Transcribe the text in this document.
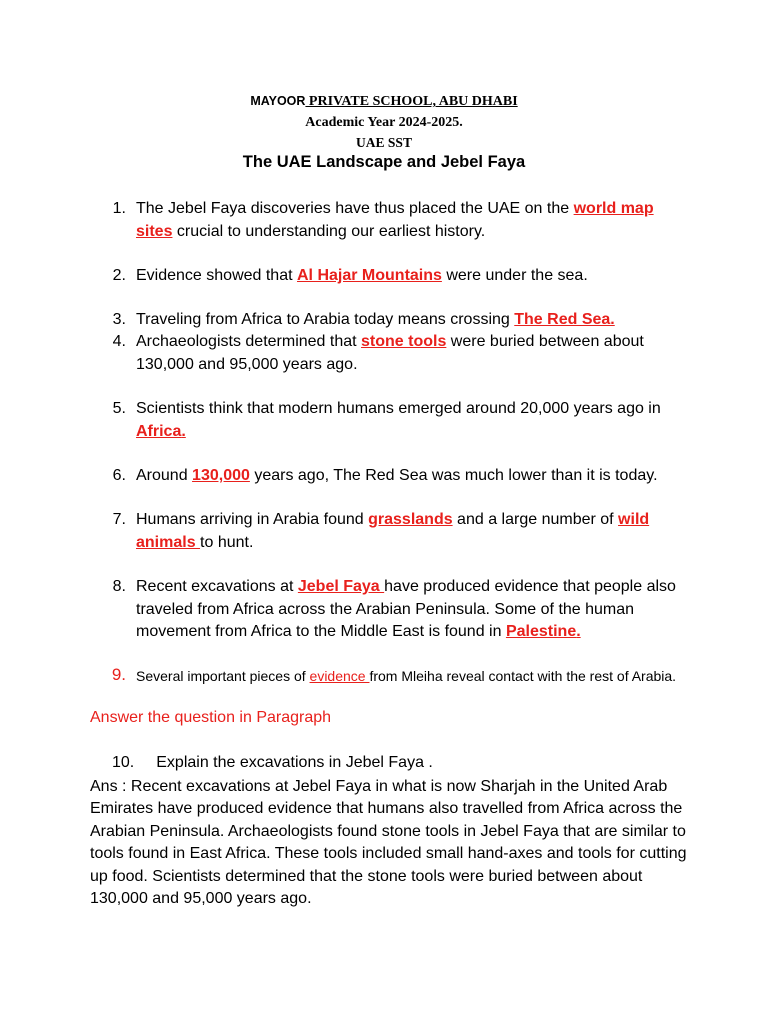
MAYOOR PRIVATE SCHOOL, ABU DHABI
Academic Year 2024-2025.
UAE SST
The UAE Landscape and Jebel Faya
1. The Jebel Faya discoveries have thus placed the UAE on the world map sites crucial to understanding our earliest history.
2. Evidence showed that Al Hajar Mountains were under the sea.
3. Traveling from Africa to Arabia today means crossing The Red Sea.
4. Archaeologists determined that stone tools were buried between about 130,000 and 95,000 years ago.
5. Scientists think that modern humans emerged around 20,000 years ago in Africa.
6. Around 130,000 years ago, The Red Sea was much lower than it is today.
7. Humans arriving in Arabia found grasslands and a large number of wild animals to hunt.
8. Recent excavations at Jebel Faya have produced evidence that people also traveled from Africa across the Arabian Peninsula. Some of the human movement from Africa to the Middle East is found in Palestine.
9. Several important pieces of evidence from Mleiha reveal contact with the rest of Arabia.
Answer the question in Paragraph
10. Explain the excavations in Jebel Faya .
Ans : Recent excavations at Jebel Faya in what is now Sharjah in the United Arab Emirates have produced evidence that humans also travelled from Africa across the Arabian Peninsula. Archaeologists found stone tools in Jebel Faya that are similar to tools found in East Africa. These tools included small hand-axes and tools for cutting up food. Scientists determined that the stone tools were buried between about 130,000 and 95,000 years ago.
